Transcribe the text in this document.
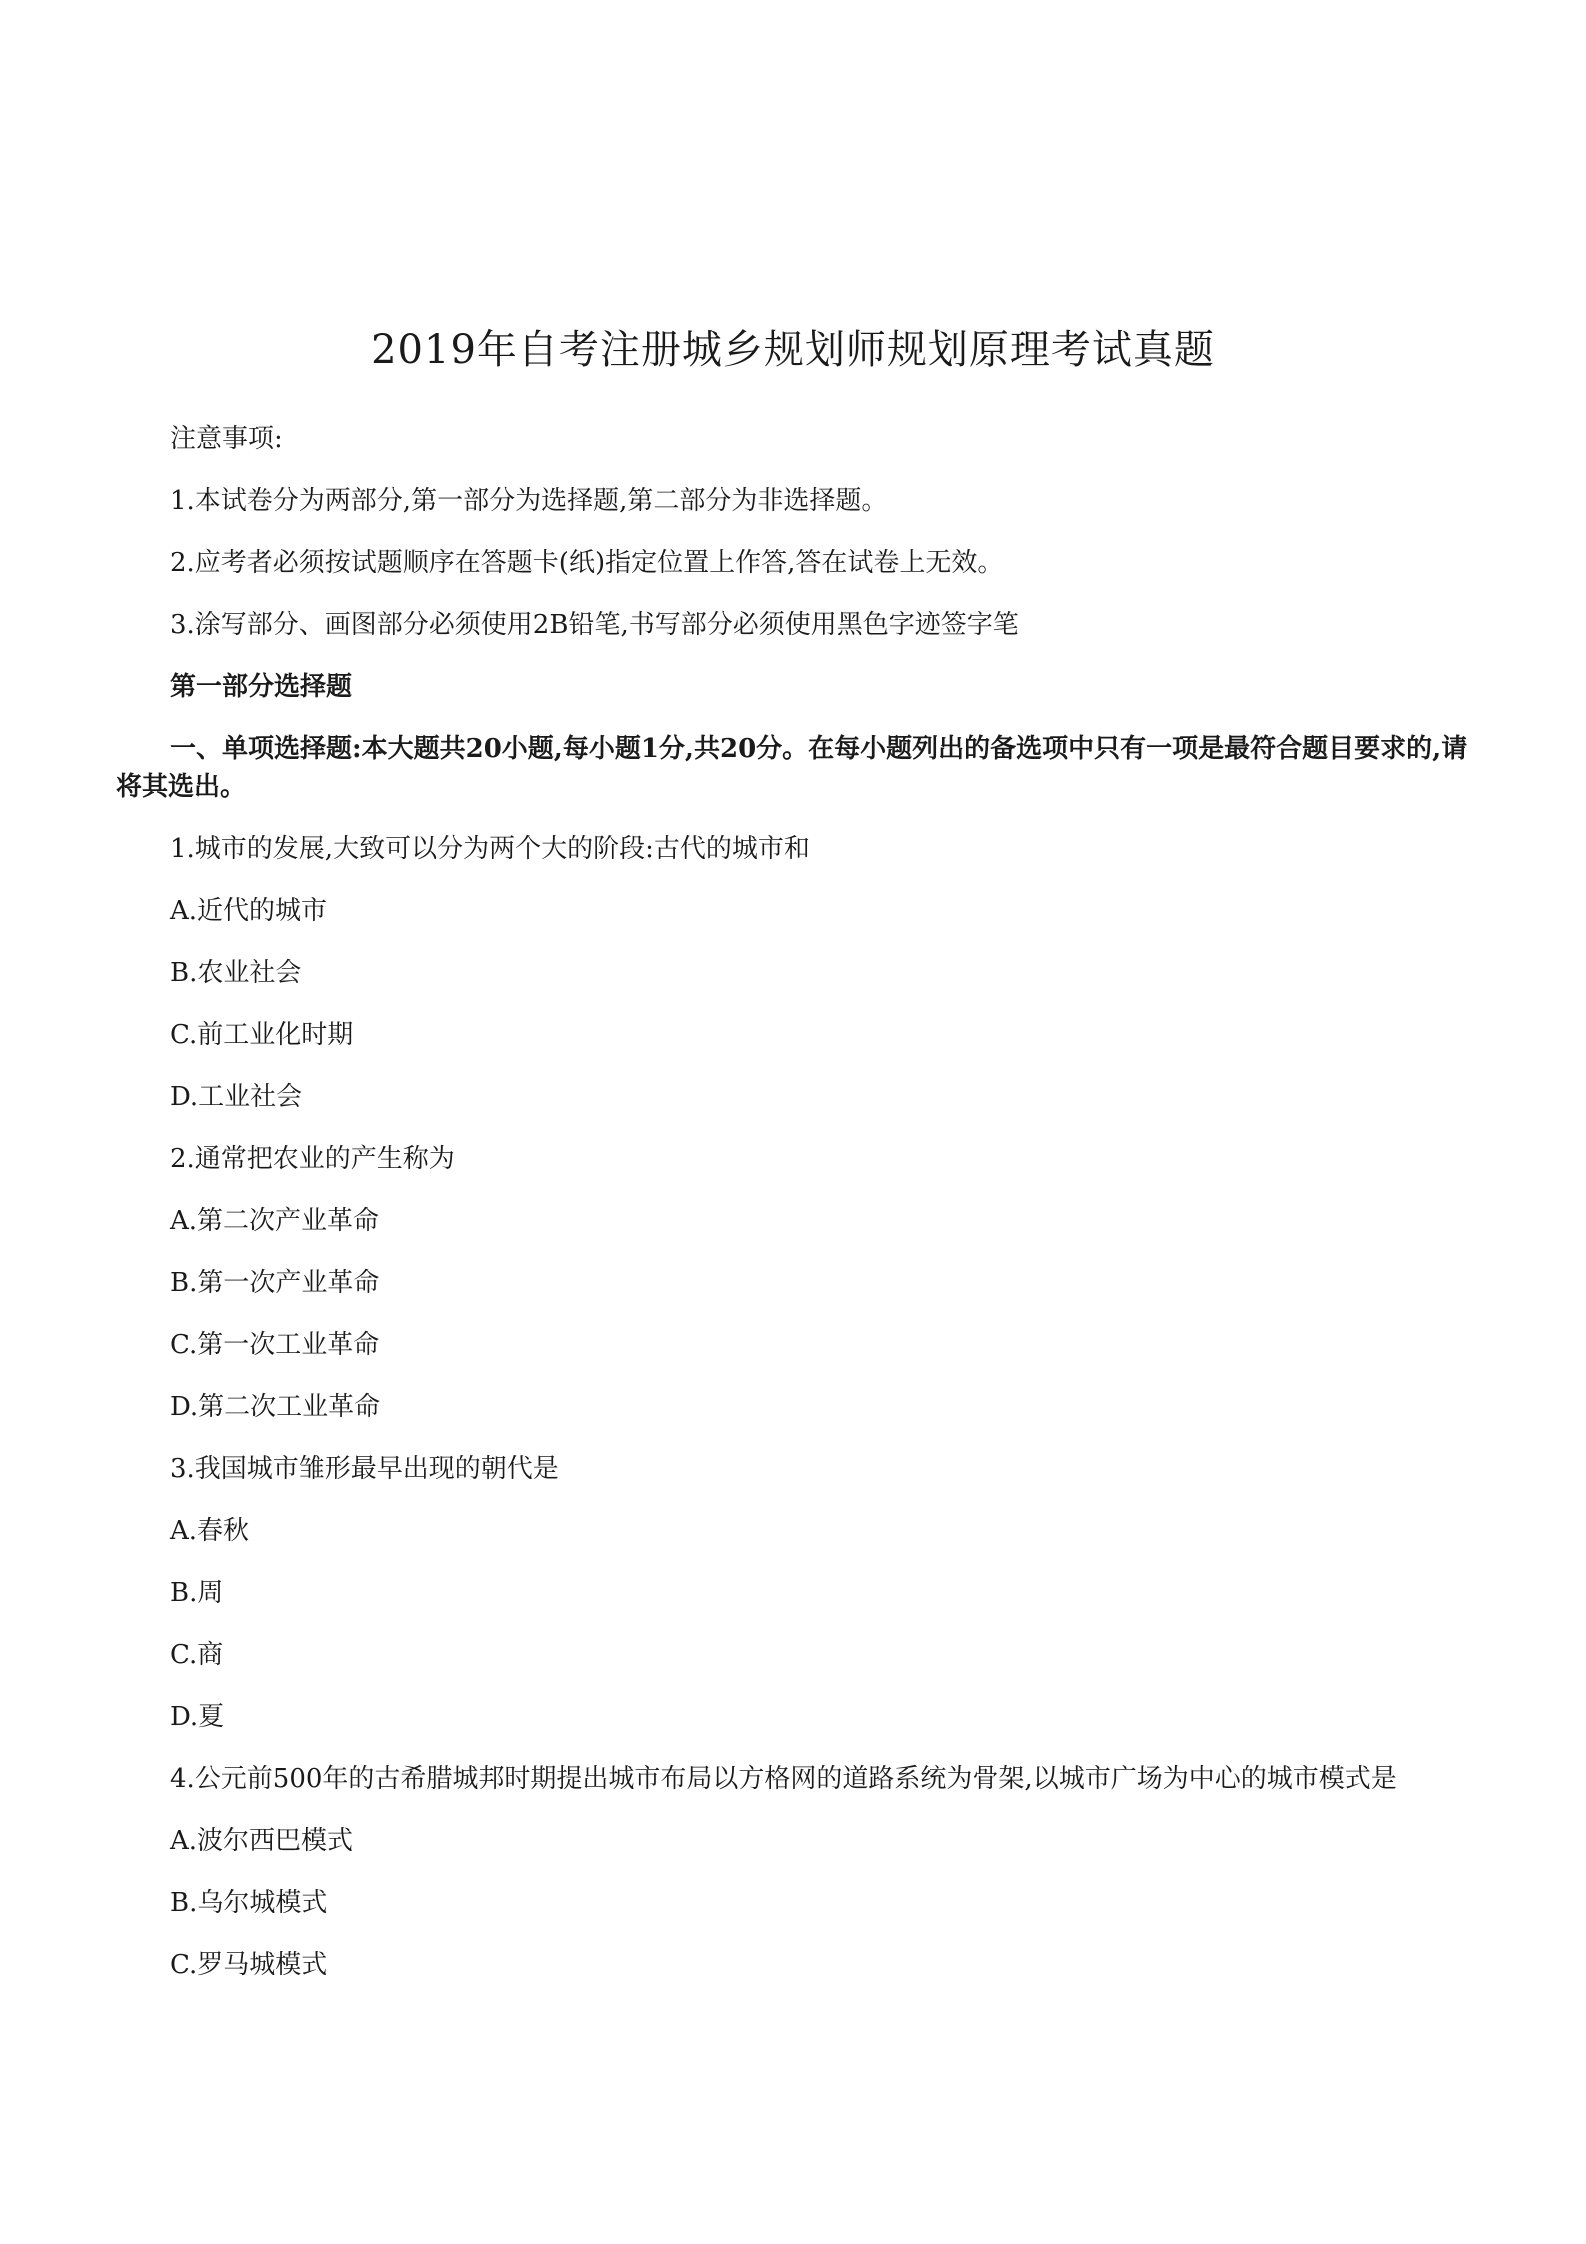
2019年自考注册城乡规划师规划原理考试真题

注意事项:

1.本试卷分为两部分,第一部分为选择题,第二部分为非选择题。

2.应考者必须按试题顺序在答题卡(纸)指定位置上作答,答在试卷上无效。

3.涂写部分、画图部分必须使用2B铅笔,书写部分必须使用黑色字迹签字笔

第一部分选择题

一、单项选择题:本大题共20小题,每小题1分,共20分。在每小题列出的备选项中只有一项是最符合题目要求的,请将其选出。

1.城市的发展,大致可以分为两个大的阶段:古代的城市和

A.近代的城市

B.农业社会

C.前工业化时期

D.工业社会

2.通常把农业的产生称为

A.第二次产业革命

B.第一次产业革命

C.第一次工业革命

D.第二次工业革命

3.我国城市雏形最早出现的朝代是

A.春秋

B.周

C.商

D.夏

4.公元前500年的古希腊城邦时期提出城市布局以方格网的道路系统为骨架,以城市广场为中心的城市模式是

A.波尔西巴模式

B.乌尔城模式

C.罗马城模式
